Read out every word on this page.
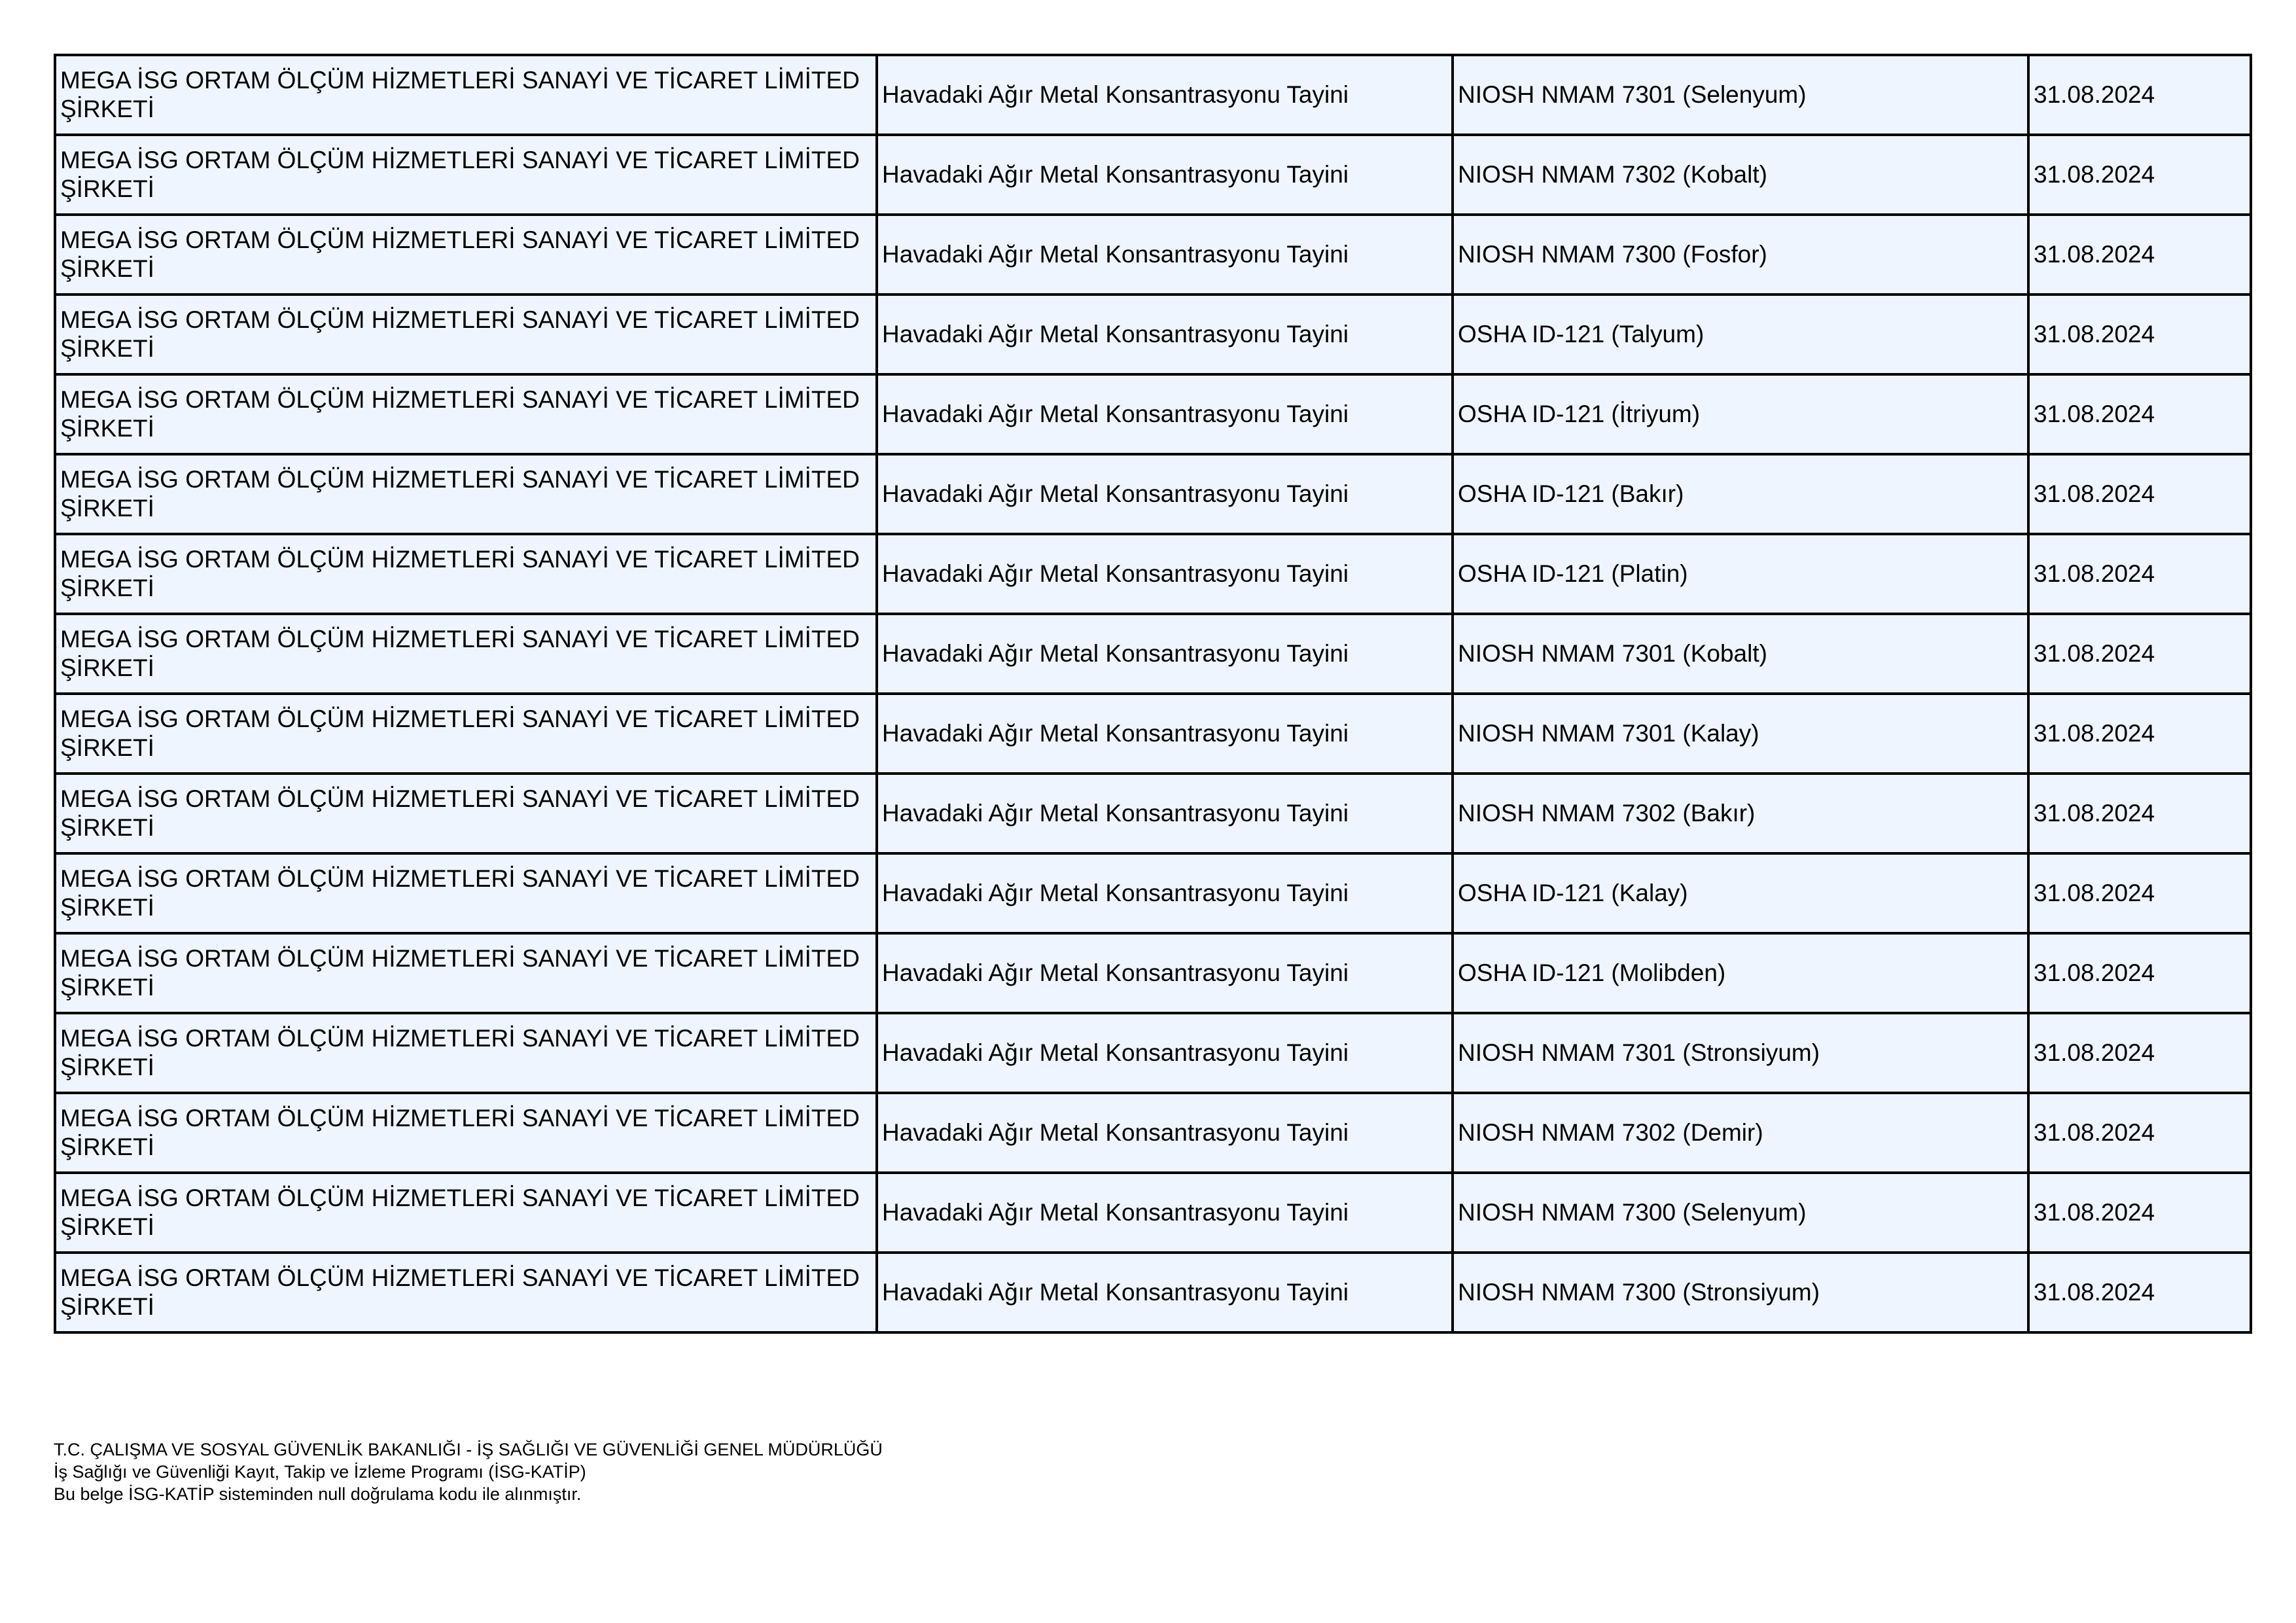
MEGA İSG ORTAM ÖLÇÜM HİZMETLERİ SANAYİ VE TİCARET LİMİTED ŞİRKETİ	Havadaki Ağır Metal Konsantrasyonu Tayini	NIOSH NMAM 7301 (Selenyum)	31.08.2024
MEGA İSG ORTAM ÖLÇÜM HİZMETLERİ SANAYİ VE TİCARET LİMİTED ŞİRKETİ	Havadaki Ağır Metal Konsantrasyonu Tayini	NIOSH NMAM 7302 (Kobalt)	31.08.2024
MEGA İSG ORTAM ÖLÇÜM HİZMETLERİ SANAYİ VE TİCARET LİMİTED ŞİRKETİ	Havadaki Ağır Metal Konsantrasyonu Tayini	NIOSH NMAM 7300 (Fosfor)	31.08.2024
MEGA İSG ORTAM ÖLÇÜM HİZMETLERİ SANAYİ VE TİCARET LİMİTED ŞİRKETİ	Havadaki Ağır Metal Konsantrasyonu Tayini	OSHA ID-121 (Talyum)	31.08.2024
MEGA İSG ORTAM ÖLÇÜM HİZMETLERİ SANAYİ VE TİCARET LİMİTED ŞİRKETİ	Havadaki Ağır Metal Konsantrasyonu Tayini	OSHA ID-121 (İtriyum)	31.08.2024
MEGA İSG ORTAM ÖLÇÜM HİZMETLERİ SANAYİ VE TİCARET LİMİTED ŞİRKETİ	Havadaki Ağır Metal Konsantrasyonu Tayini	OSHA ID-121 (Bakır)	31.08.2024
MEGA İSG ORTAM ÖLÇÜM HİZMETLERİ SANAYİ VE TİCARET LİMİTED ŞİRKETİ	Havadaki Ağır Metal Konsantrasyonu Tayini	OSHA ID-121 (Platin)	31.08.2024
MEGA İSG ORTAM ÖLÇÜM HİZMETLERİ SANAYİ VE TİCARET LİMİTED ŞİRKETİ	Havadaki Ağır Metal Konsantrasyonu Tayini	NIOSH NMAM 7301 (Kobalt)	31.08.2024
MEGA İSG ORTAM ÖLÇÜM HİZMETLERİ SANAYİ VE TİCARET LİMİTED ŞİRKETİ	Havadaki Ağır Metal Konsantrasyonu Tayini	NIOSH NMAM 7301 (Kalay)	31.08.2024
MEGA İSG ORTAM ÖLÇÜM HİZMETLERİ SANAYİ VE TİCARET LİMİTED ŞİRKETİ	Havadaki Ağır Metal Konsantrasyonu Tayini	NIOSH NMAM 7302 (Bakır)	31.08.2024
MEGA İSG ORTAM ÖLÇÜM HİZMETLERİ SANAYİ VE TİCARET LİMİTED ŞİRKETİ	Havadaki Ağır Metal Konsantrasyonu Tayini	OSHA ID-121 (Kalay)	31.08.2024
MEGA İSG ORTAM ÖLÇÜM HİZMETLERİ SANAYİ VE TİCARET LİMİTED ŞİRKETİ	Havadaki Ağır Metal Konsantrasyonu Tayini	OSHA ID-121 (Molibden)	31.08.2024
MEGA İSG ORTAM ÖLÇÜM HİZMETLERİ SANAYİ VE TİCARET LİMİTED ŞİRKETİ	Havadaki Ağır Metal Konsantrasyonu Tayini	NIOSH NMAM 7301 (Stronsiyum)	31.08.2024
MEGA İSG ORTAM ÖLÇÜM HİZMETLERİ SANAYİ VE TİCARET LİMİTED ŞİRKETİ	Havadaki Ağır Metal Konsantrasyonu Tayini	NIOSH NMAM 7302 (Demir)	31.08.2024
MEGA İSG ORTAM ÖLÇÜM HİZMETLERİ SANAYİ VE TİCARET LİMİTED ŞİRKETİ	Havadaki Ağır Metal Konsantrasyonu Tayini	NIOSH NMAM 7300 (Selenyum)	31.08.2024
MEGA İSG ORTAM ÖLÇÜM HİZMETLERİ SANAYİ VE TİCARET LİMİTED ŞİRKETİ	Havadaki Ağır Metal Konsantrasyonu Tayini	NIOSH NMAM 7300 (Stronsiyum)	31.08.2024
T.C. ÇALIŞMA VE SOSYAL GÜVENLİK BAKANLIĞI - İŞ SAĞLIĞI VE GÜVENLİĞİ GENEL MÜDÜRLÜĞÜ
İş Sağlığı ve Güvenliği Kayıt, Takip ve İzleme Programı (İSG-KATİP)
Bu belge İSG-KATİP sisteminden null doğrulama kodu ile alınmıştır.
